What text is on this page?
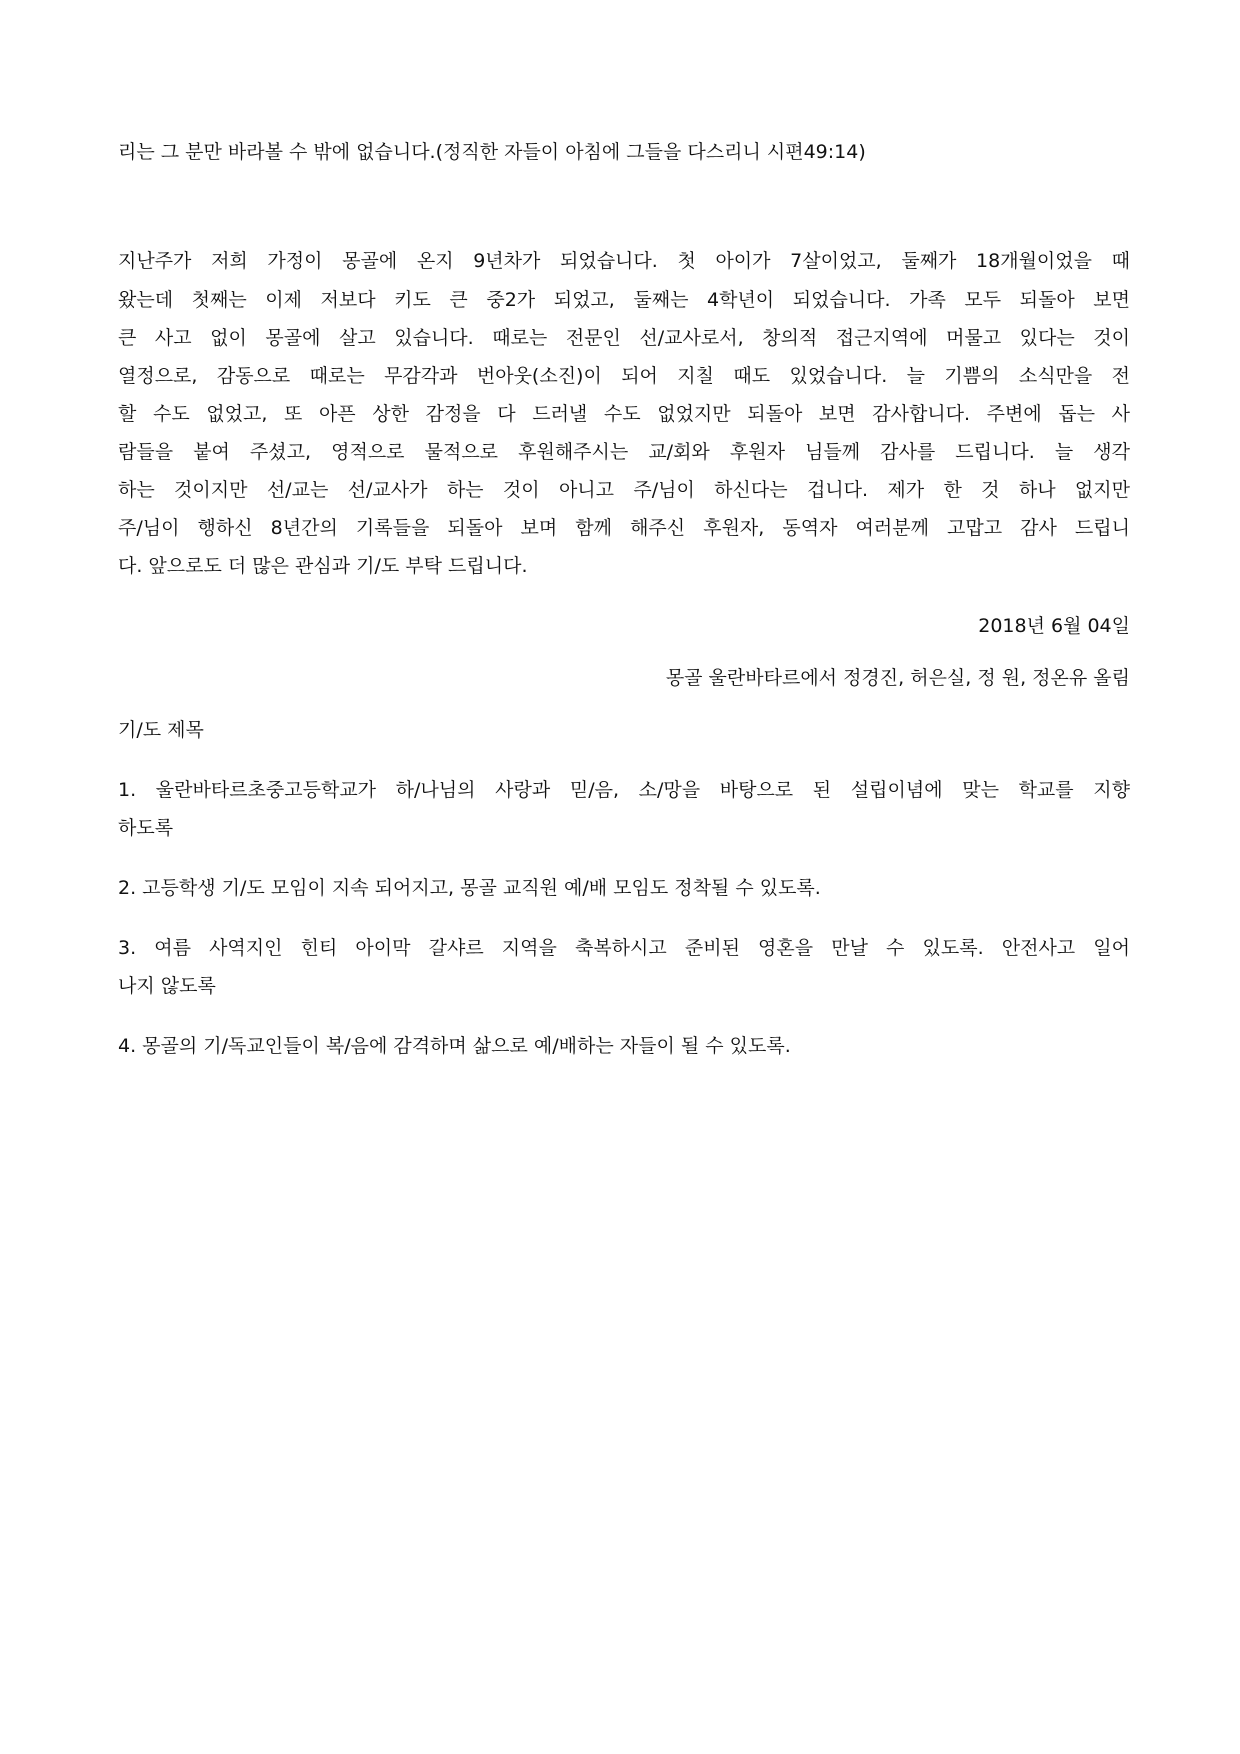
리는 그 분만 바라볼 수 밖에 없습니다.(정직한 자들이 아침에 그들을 다스리니 시편49:14)
지난주가 저희 가정이 몽골에 온지 9년차가 되었습니다. 첫 아이가 7살이었고, 둘째가 18개월이었을 때
왔는데 첫째는 이제 저보다 키도 큰 중2가 되었고, 둘째는 4학년이 되었습니다. 가족 모두 되돌아 보면
큰 사고 없이 몽골에 살고 있습니다. 때로는 전문인 선/교사로서, 창의적 접근지역에 머물고 있다는 것이
열정으로, 감동으로 때로는 무감각과 번아웃(소진)이 되어 지칠 때도 있었습니다. 늘 기쁨의 소식만을 전
할 수도 없었고, 또 아픈 상한 감정을 다 드러낼 수도 없었지만 되돌아 보면 감사합니다. 주변에 돕는 사
람들을 붙여 주셨고, 영적으로 물적으로 후원해주시는 교/회와 후원자 님들께 감사를 드립니다. 늘 생각
하는 것이지만 선/교는 선/교사가 하는 것이 아니고 주/님이 하신다는 겁니다. 제가 한 것 하나 없지만
주/님이 행하신 8년간의 기록들을 되돌아 보며 함께 해주신 후원자, 동역자 여러분께 고맙고 감사 드립니
다. 앞으로도 더 많은 관심과 기/도 부탁 드립니다.
2018년 6월 04일
몽골 울란바타르에서 정경진, 허은실, 정 원, 정온유 올림
기/도 제목
1. 울란바타르초중고등학교가 하/나님의 사랑과 믿/음, 소/망을 바탕으로 된 설립이념에 맞는 학교를 지향
하도록
2. 고등학생 기/도 모임이 지속 되어지고, 몽골 교직원 예/배 모임도 정착될 수 있도록.
3. 여름 사역지인 힌티 아이막 갈샤르 지역을 축복하시고 준비된 영혼을 만날 수 있도록. 안전사고 일어
나지 않도록
4. 몽골의 기/독교인들이 복/음에 감격하며 삶으로 예/배하는 자들이 될 수 있도록.
